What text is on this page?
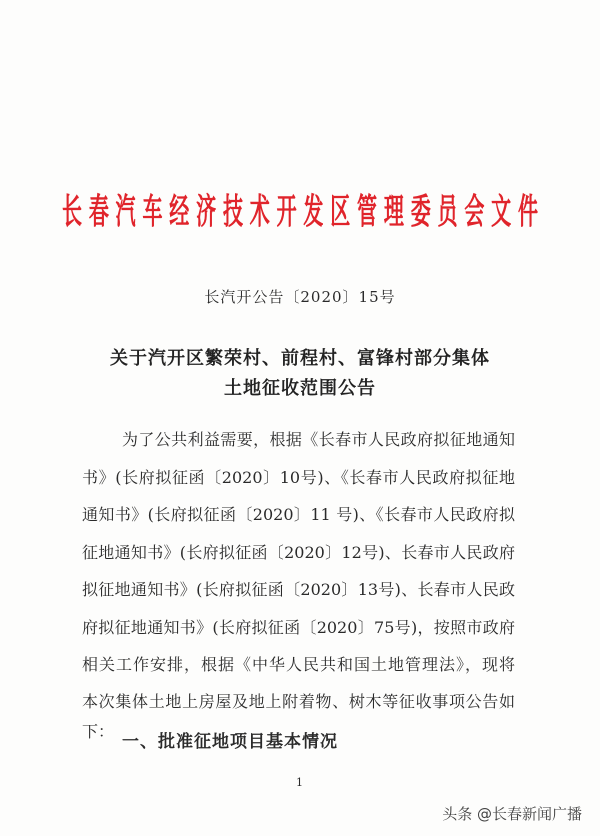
长春汽车经济技术开发区管理委员会文件
长汽开公告〔2020〕15号
关于汽开区繁荣村、前程村、富锋村部分集体
土地征收范围公告
为了公共利益需要，根据《长春市人民政府拟征地通知
书》(长府拟征函〔2020〕10号)、《长春市人民政府拟征地
通知书》(长府拟征函〔2020〕11 号)、《长春市人民政府拟
征地通知书》(长府拟征函〔2020〕12号)、长春市人民政府
拟征地通知书》(长府拟征函〔2020〕13号)、长春市人民政
府拟征地通知书》(长府拟征函〔2020〕75号)，按照市政府
相关工作安排，根据《中华人民共和国土地管理法》，现将
本次集体土地上房屋及地上附着物、树木等征收事项公告如
下：
一、批准征地项目基本情况
1
头条 @长春新闻广播
